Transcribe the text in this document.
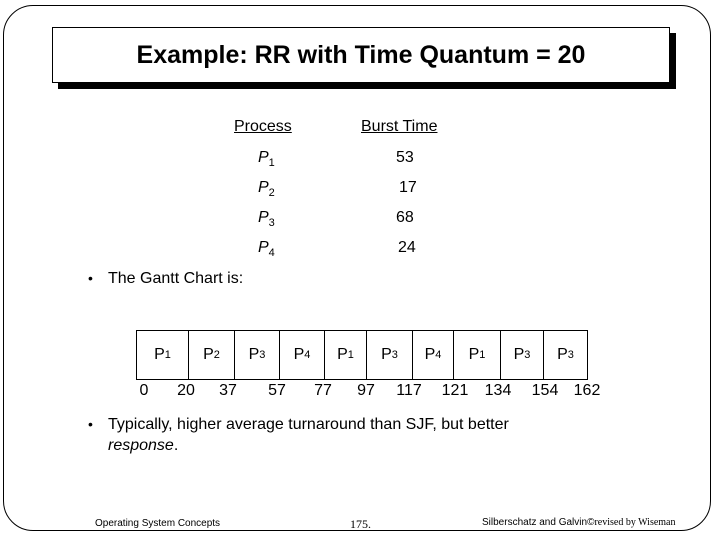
Example: RR with Time Quantum = 20
Process	Burst Time
$P_1$	53
$P_2$	17
$P_3$	68
$P_4$	24
• The Gantt Chart is:
P 1 P 2 P 3 P 4 P 1 P 3 P 4 P 1 P 3 P 3
0 20 37 57 77 97 117 121 134 154 162
• Typically, higher average turnaround than SJF, but better
response.
Operating System Concepts	175.	Silberschatz and Galvin©revised by Wiseman
